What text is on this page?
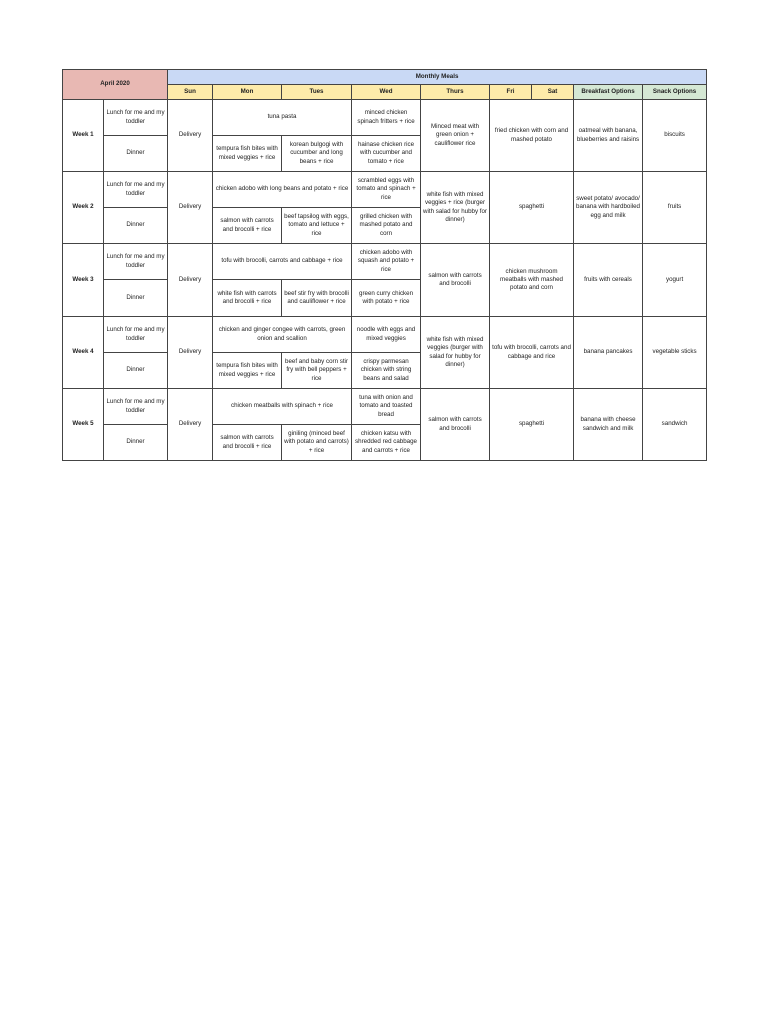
April 2020		Monthly Meals								
		Sun	Mon	Tues	Wed	Thurs	Fri	Sat	Breakfast Options	Snack Options
Week 1	Lunch for me and my toddler	Delivery	tuna pasta		minced chicken spinach fritters + rice	Minced meat with green onion + cauliflower rice	fried chicken with corn and mashed potato		oatmeal with banana, blueberries and raisins	biscuits
	Dinner		tempura fish bites with mixed veggies + rice	korean bulgogi with cucumber and long beans + rice	hainase chicken rice with cucumber and tomato + rice					
Week 2	Lunch for me and my toddler	Delivery	chicken adobo with long beans and potato + rice		scrambled eggs with tomato and spinach + rice	white fish with mixed veggies + rice (burger with salad for hubby for dinner)	spaghetti		sweet potato/ avocado/ banana with hardboiled egg and milk	fruits
	Dinner		salmon with carrots and brocolli + rice	beef tapsilog with eggs, tomato and lettuce + rice	grilled chicken with mashed potato and corn					
Week 3	Lunch for me and my toddler	Delivery	tofu with brocolli, carrots and cabbage + rice		chicken adobo with squash and potato + rice	salmon with carrots and brocolli	chicken mushroom meatballs with mashed potato and corn		fruits with cereals	yogurt
	Dinner		white fish with carrots and brocolli + rice	beef stir fry with brocolli and cauliflower + rice	green curry chicken with potato + rice					
Week 4	Lunch for me and my toddler	Delivery	chicken and ginger congee with carrots, green onion and scallion		noodle with eggs and mixed veggies	white fish with mixed veggies (burger with salad for hubby for dinner)	tofu with brocolli, carrots and cabbage and rice		banana pancakes	vegetable sticks
	Dinner		tempura fish bites with mixed veggies + rice	beef and baby corn stir fry with bell peppers + rice	crispy parmesan chicken with string beans and salad					
Week 5	Lunch for me and my toddler	Delivery	chicken meatballs with spinach + rice		tuna with onion and tomato and toasted bread	salmon with carrots and brocolli	spaghetti		banana with cheese sandwich and milk	sandwich
	Dinner		salmon with carrots and brocolli + rice	giniling (minced beef with potato and carrots) + rice	chicken katsu with shredded red cabbage and carrots + rice					
